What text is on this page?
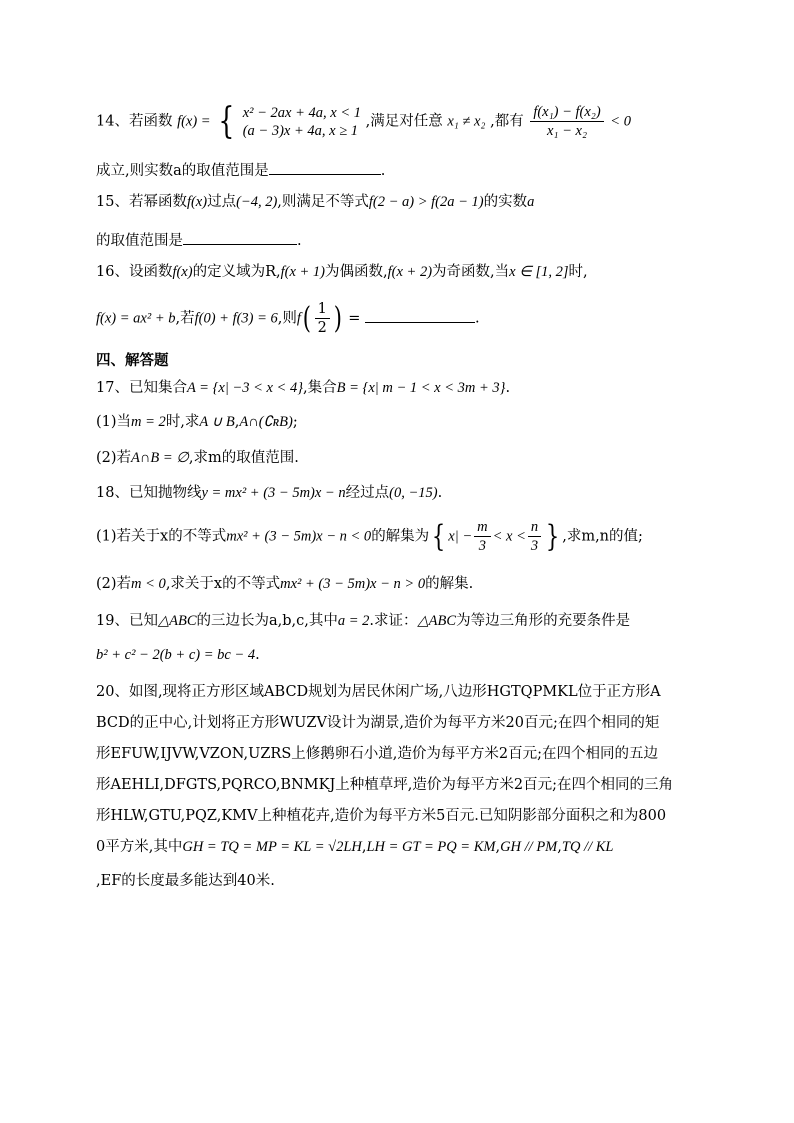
14、若函数 f(x) = { x² − 2ax + 4a, x < 1
(a − 3)x + 4a, x ≥ 1 ,满足对任意 x₁ ≠ x₂ ,都有 $\frac{\text{f(x₁) − f(x₂)}}{\text{x₁ − x₂}} < 0$
成立,则实数a的取值范围是	.
15、若幂函数f(x)过点(−4, 2),则满足不等式f(2 − a) > f(2a − 1)的实数a
的取值范围是	.
16、设函数f(x)的定义域为R,f(x + 1)为偶函数,f(x + 2)为奇函数,当x ∈ [1, 2]时,
f(x) = ax² + b,若f(0) + f(3) = 6,则$f( \frac{1}{2}$ ) =	.
四、解答题
17、已知集合A = {x| −3 < x < 4},集合B = {x| m − 1 < x < 3m + 3}.
(1)当m = 2时,求A ∪ B,A∩(∁ʀB);
(2)若A∩B = ∅,求m的取值范围.
18、已知抛物线y = mx² + (3 − 5m)x − n经过点(0, −15).
(1)若关于x的不等式mx² + (3 − 5m)x − n < 0的解集为{ $x| - \frac{m}{3} < x < \frac{n}{3}$ } ,求m,n的值;
(2)若m < 0,求关于x的不等式mx² + (3 − 5m)x − n > 0的解集.
19、已知△ABC的三边长为a,b,c,其中a = 2.求证：△ABC为等边三角形的充要条件是
b² + c² − 2(b + c) = bc − 4.
20、如图,现将正方形区域ABCD规划为居民休闲广场,八边形HGTQPMKL位于正方形A
BCD的正中心,计划将正方形WUZV设计为湖景,造价为每平方米20百元;在四个相同的矩
形EFUW,IJVW,VZON,UZRS上修鹅卵石小道,造价为每平方米2百元;在四个相同的五边
形AEHLI,DFGTS,PQRCO,BNMKJ上种植草坪,造价为每平方米2百元;在四个相同的三角
形HLW,GTU,PQZ,KMV上种植花卉,造价为每平方米5百元.已知阴影部分面积之和为800
0平方米,其中GH = TQ = MP = KL = √2LH,LH = GT = PQ = KM,GH // PM,TQ // KL
,EF的长度最多能达到40米.
